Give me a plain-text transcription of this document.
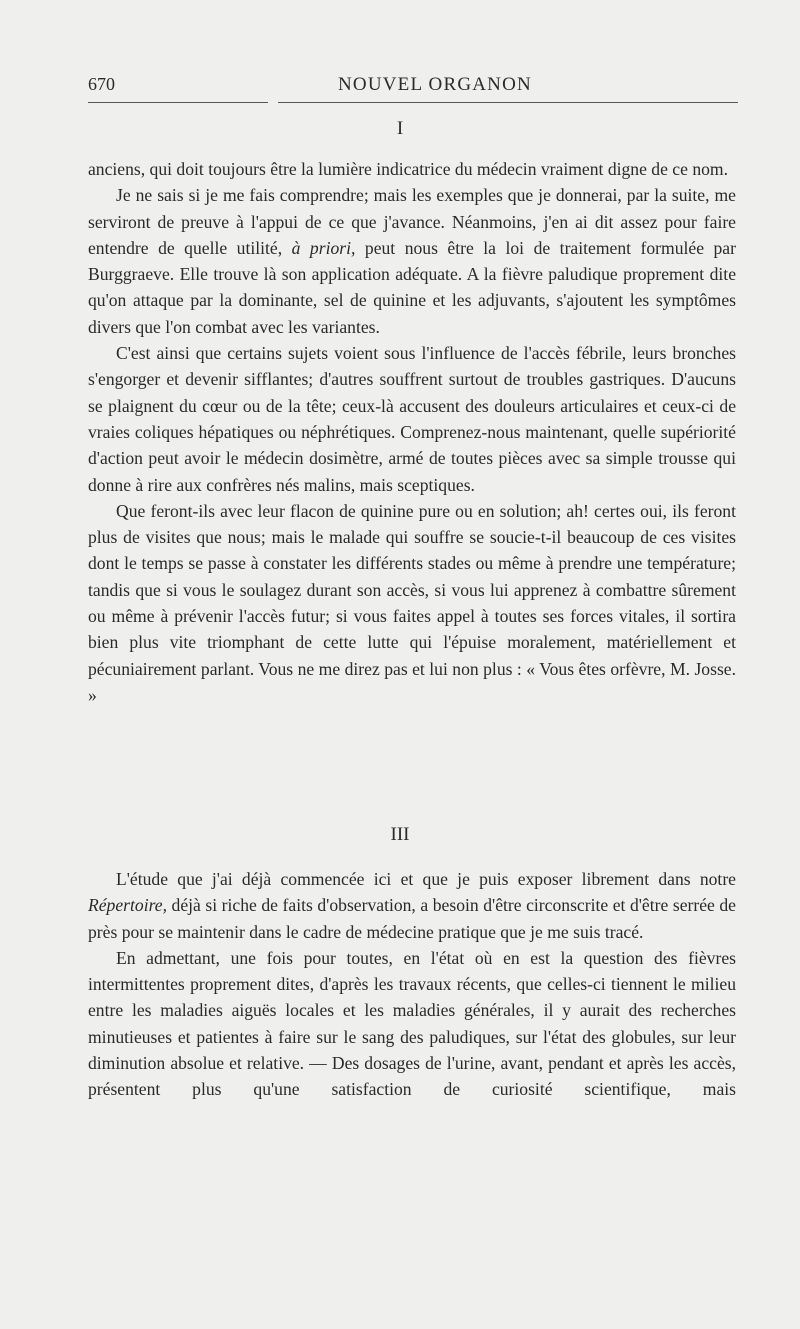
670	NOUVEL ORGANON
I

anciens, qui doit toujours être la lumière indicatrice du médecin vraiment digne de ce nom.

Je ne sais si je me fais comprendre; mais les exemples que je donnerai, par la suite, me serviront de preuve à l'appui de ce que j'avance. Néanmoins, j'en ai dit assez pour faire entendre de quelle utilité, à priori, peut nous être la loi de traitement formulée par Burggraeve. Elle trouve là son application adéquate. A la fièvre paludique proprement dite qu'on attaque par la dominante, sel de quinine et les adjuvants, s'ajoutent les symptômes divers que l'on combat avec les variantes.

C'est ainsi que certains sujets voient sous l'influence de l'accès fébrile, leurs bronches s'engorger et devenir sifflantes; d'autres souffrent surtout de troubles gastriques. D'aucuns se plaignent du cœur ou de la tête; ceux-là accusent des douleurs articulaires et ceux-ci de vraies coliques hépatiques ou néphrétiques. Comprenez-nous maintenant, quelle supériorité d'action peut avoir le médecin dosimètre, armé de toutes pièces avec sa simple trousse qui donne à rire aux confrères nés malins, mais sceptiques.

Que feront-ils avec leur flacon de quinine pure ou en solution; ah! certes oui, ils feront plus de visites que nous; mais le malade qui souffre se soucie-t-il beaucoup de ces visites dont le temps se passe à constater les différents stades ou même à prendre une température; tandis que si vous le soulagez durant son accès, si vous lui apprenez à combattre sûrement ou même à prévenir l'accès futur; si vous faites appel à toutes ses forces vitales, il sortira bien plus vite triomphant de cette lutte qui l'épuise moralement, matériellement et pécuniairement parlant. Vous ne me direz pas et lui non plus : « Vous êtes orfèvre, M. Josse. »

III

L'étude que j'ai déjà commencée ici et que je puis exposer librement dans notre Répertoire, déjà si riche de faits d'observation, a besoin d'être circonscrite et d'être serrée de près pour se maintenir dans le cadre de médecine pratique que je me suis tracé.

En admettant, une fois pour toutes, en l'état où en est la question des fièvres intermittentes proprement dites, d'après les travaux récents, que celles-ci tiennent le milieu entre les maladies aiguës locales et les maladies générales, il y aurait des recherches minutieuses et patientes à faire sur le sang des paludiques, sur l'état des globules, sur leur diminution absolue et relative. — Des dosages de l'urine, avant, pendant et après les accès, présentent plus qu'une satisfaction de curiosité scientifique, mais
